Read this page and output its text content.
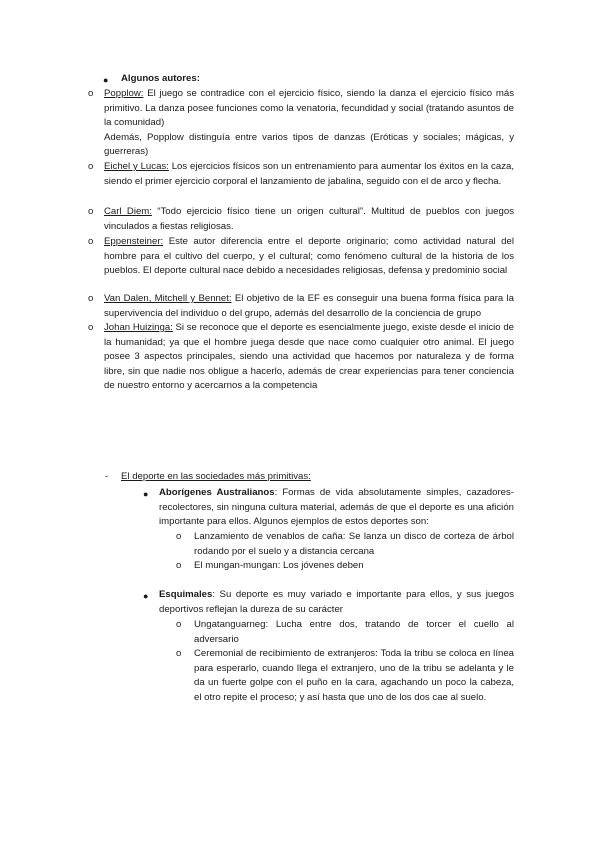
● Algunos autores:
o Popplow: El juego se contradice con el ejercicio físico, siendo la danza el ejercicio físico más primitivo. La danza posee funciones como la venatoria, fecundidad y social (tratando asuntos de la comunidad)
Además, Popplow distinguía entre varios tipos de danzas (Eróticas y sociales; mágicas, y guerreras)
o Eichel y Lucas: Los ejercicios físicos son un entrenamiento para aumentar los éxitos en la caza, siendo el primer ejercicio corporal el lanzamiento de jabalina, seguido con el de arco y flecha.
o Carl Diem: “Todo ejercicio físico tiene un origen cultural”. Multitud de pueblos con juegos vinculados a fiestas religiosas.
o Eppensteiner: Este autor diferencia entre el deporte originario; como actividad natural del hombre para el cultivo del cuerpo, y el cultural; como fenómeno cultural de la historia de los pueblos. El deporte cultural nace debido a necesidades religiosas, defensa y predominio social
o Van Dalen, Mitchell y Bennet: El objetivo de la EF es conseguir una buena forma física para la supervivencia del individuo o del grupo, además del desarrollo de la conciencia de grupo
o Johan Huizinga: Si se reconoce que el deporte es esencialmente juego, existe desde el inicio de la humanidad; ya que el hombre juega desde que nace como cualquier otro animal. El juego posee 3 aspectos principales, siendo una actividad que hacemos por naturaleza y de forma libre, sin que nadie nos obligue a hacerlo, además de crear experiencias para tener conciencia de nuestro entorno y acercarnos a la competencia
- El deporte en las sociedades más primitivas:
● Aborígenes Australianos: Formas de vida absolutamente simples, cazadores-recolectores, sin ninguna cultura material, además de que el deporte es una afición importante para ellos. Algunos ejemplos de estos deportes son:
o Lanzamiento de venablos de caña: Se lanza un disco de corteza de árbol rodando por el suelo y a distancia cercana
o El mungan-mungan: Los jóvenes deben
● Esquimales: Su deporte es muy variado e importante para ellos, y sus juegos deportivos reflejan la dureza de su carácter
o Ungatanguarneg: Lucha entre dos, tratando de torcer el cuello al adversario
o Ceremonial de recibimiento de extranjeros: Toda la tribu se coloca en línea para esperarlo, cuando llega el extranjero, uno de la tribu se adelanta y le da un fuerte golpe con el puño en la cara, agachando un poco la cabeza, el otro repite el proceso; y así hasta que uno de los dos cae al suelo.
